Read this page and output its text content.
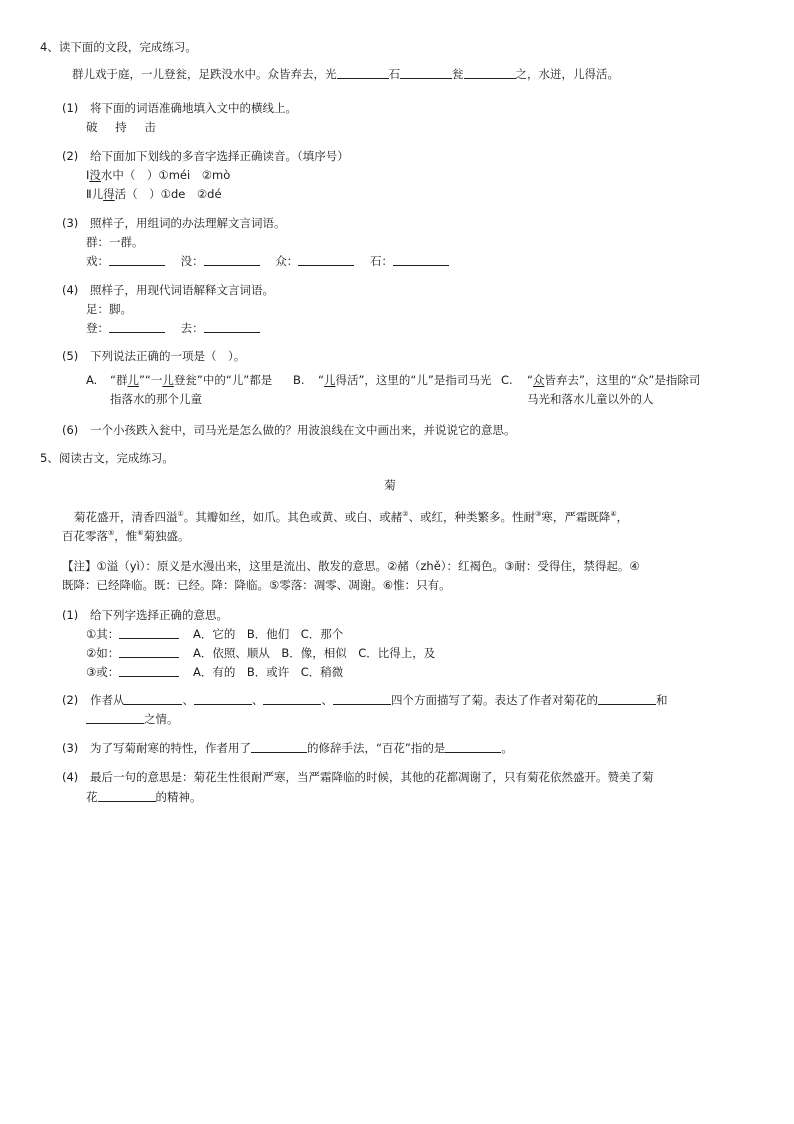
4、读下面的文段，完成练习。
群儿戏于庭，一儿登瓮，足跌没水中。众皆弃去，光	石	瓮	之，水迸，儿得活。
(1) 将下面的词语准确地填入文中的横线上。
破 持 击
(2) 给下面加下划线的多音字选择正确读音。（填序号）
Ⅰ没水中（　）①méi　②mò
Ⅱ儿得活（　）①de　②dé
(3) 照样子，用组词的办法理解文言词语。
群：一群。
戏：	没：	众：	石：
(4) 照样子，用现代词语解释文言词语。
足：脚。
登：	去：
(5) 下列说法正确的一项是（　）。
A. “群儿”“一儿登瓮”中的“儿”都是指落水的那个儿童
B. “儿得活”，这里的“儿”是指司马光 C. “众皆弃去”，这里的“众”是指除司马光和落水儿童以外的人
(6) 一个小孩跌入瓮中，司马光是怎么做的？用波浪线在文中画出来，并说说它的意思。
5、阅读古文，完成练习。
菊
菊花盛开，清香四溢①。其瓣如丝，如爪。其色或黄、或白、或赭②、或红，种类繁多。性耐③寒，严霜既降④，
百花零落⑤，惟⑥菊独盛。
【注】①溢（yì）：原义是水漫出来，这里是流出、散发的意思。②赭（zhě）：红褐色。③耐：受得住，禁得起。④
既降：已经降临。既：已经。降：降临。⑤零落：凋零、凋谢。⑥惟：只有。
(1) 给下列字选择正确的意思。
①其：	A．它的　B．他们　C．那个
②如：	A．依照、顺从　B．像，相似　C．比得上，及
③或：	A．有的　B．或许　C．稍微
(2) 作者从	、	、	、	四个方面描写了菊。表达了作者对菊花的	和
之情。
(3) 为了写菊耐寒的特性，作者用了	的修辞手法，“百花”指的是	。
(4) 最后一句的意思是：菊花生性很耐严寒，当严霜降临的时候，其他的花都凋谢了，只有菊花依然盛开。赞美了菊
花	的精神。
